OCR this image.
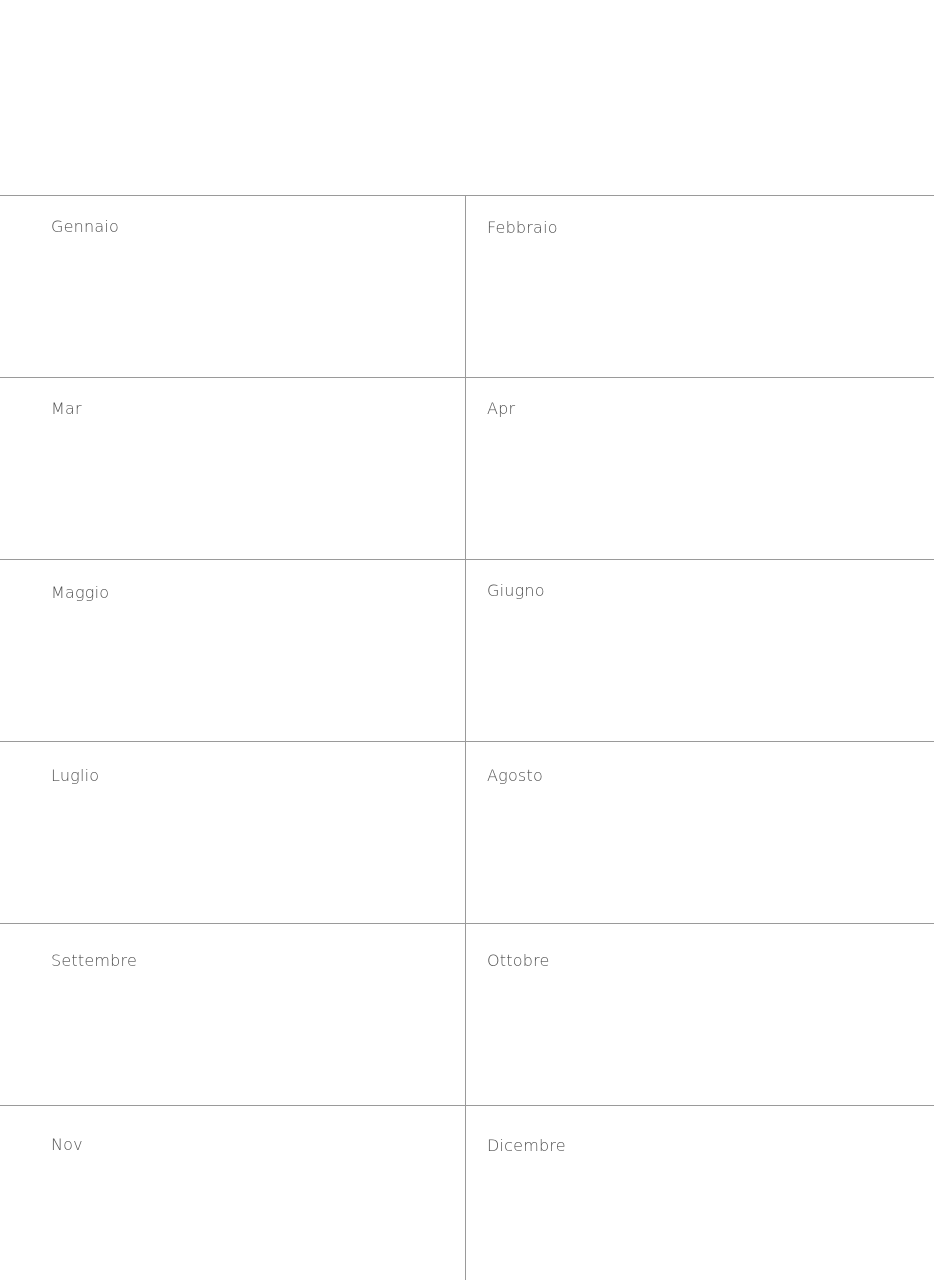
Gennaio	Febbraio
Mar	Apr
Maggio	Giugno
Luglio	Agosto
Settembre	Ottobre
Nov	Dicembre
